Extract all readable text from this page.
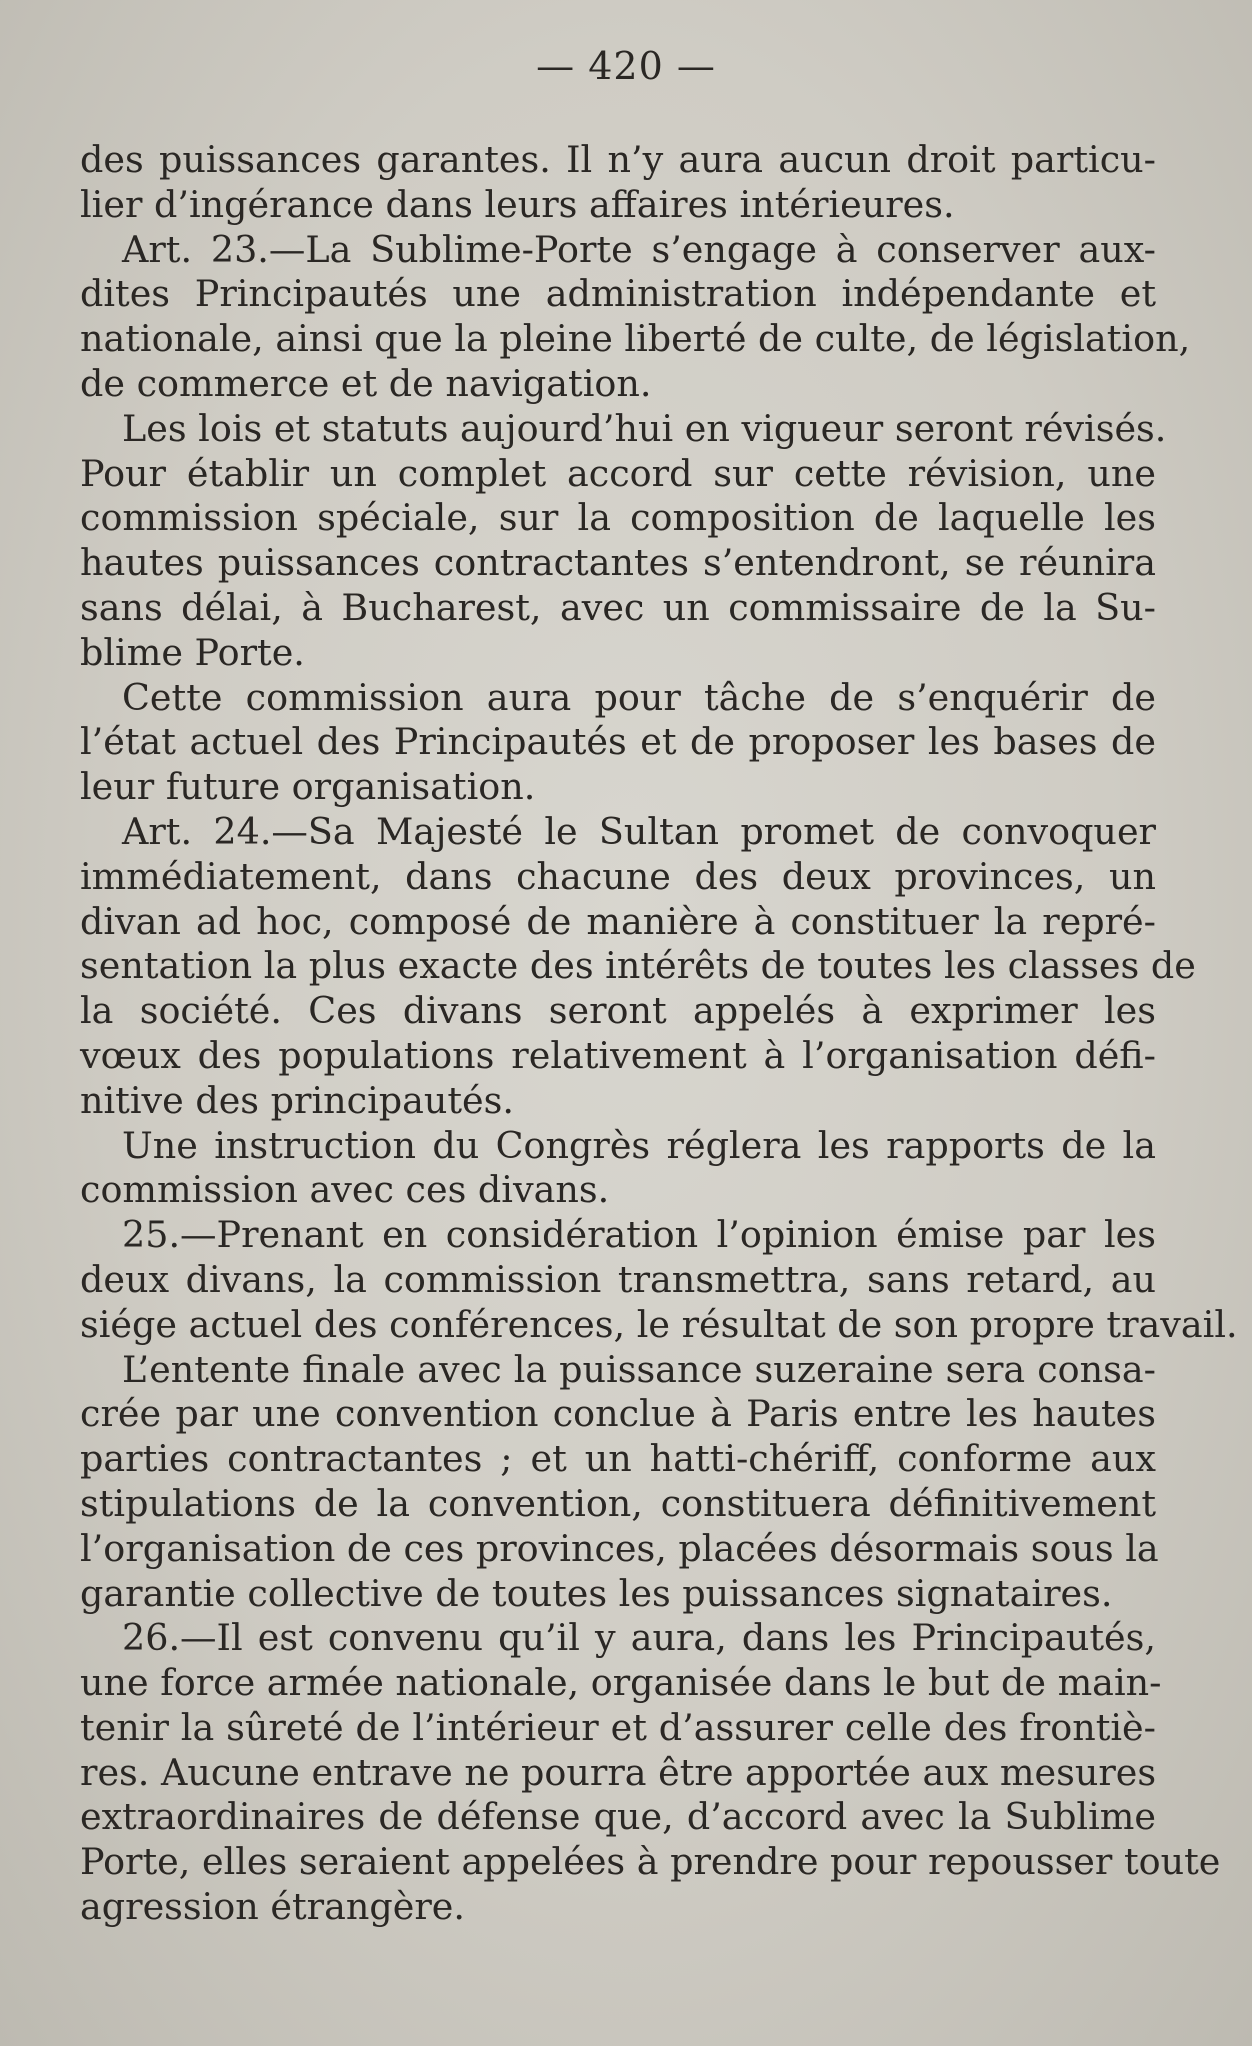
— 420 —
des puissances garantes. Il n’y aura aucun droit particu-
lier d’ingérance dans leurs affaires intérieures.
Art. 23.—La Sublime-Porte s’engage à conserver aux-
dites Principautés une administration indépendante et
nationale, ainsi que la pleine liberté de culte, de législation,
de commerce et de navigation.
Les lois et statuts aujourd’hui en vigueur seront révisés.
Pour établir un complet accord sur cette révision, une
commission spéciale, sur la composition de laquelle les
hautes puissances contractantes s’entendront, se réunira
sans délai, à Bucharest, avec un commissaire de la Su-
blime Porte.
Cette commission aura pour tâche de s’enquérir de
l’état actuel des Principautés et de proposer les bases de
leur future organisation.
Art. 24.—Sa Majesté le Sultan promet de convoquer
immédiatement, dans chacune des deux provinces, un
divan ad hoc, composé de manière à constituer la repré-
sentation la plus exacte des intérêts de toutes les classes de
la société. Ces divans seront appelés à exprimer les
vœux des populations relativement à l’organisation défi-
nitive des principautés.
Une instruction du Congrès réglera les rapports de la
commission avec ces divans.
25.—Prenant en considération l’opinion émise par les
deux divans, la commission transmettra, sans retard, au
siége actuel des conférences, le résultat de son propre travail.
L’entente finale avec la puissance suzeraine sera consa-
crée par une convention conclue à Paris entre les hautes
parties contractantes ; et un hatti-chériff, conforme aux
stipulations de la convention, constituera définitivement
l’organisation de ces provinces, placées désormais sous la
garantie collective de toutes les puissances signataires.
26.—Il est convenu qu’il y aura, dans les Principautés,
une force armée nationale, organisée dans le but de main-
tenir la sûreté de l’intérieur et d’assurer celle des frontiè-
res. Aucune entrave ne pourra être apportée aux mesures
extraordinaires de défense que, d’accord avec la Sublime
Porte, elles seraient appelées à prendre pour repousser toute
agression étrangère.
